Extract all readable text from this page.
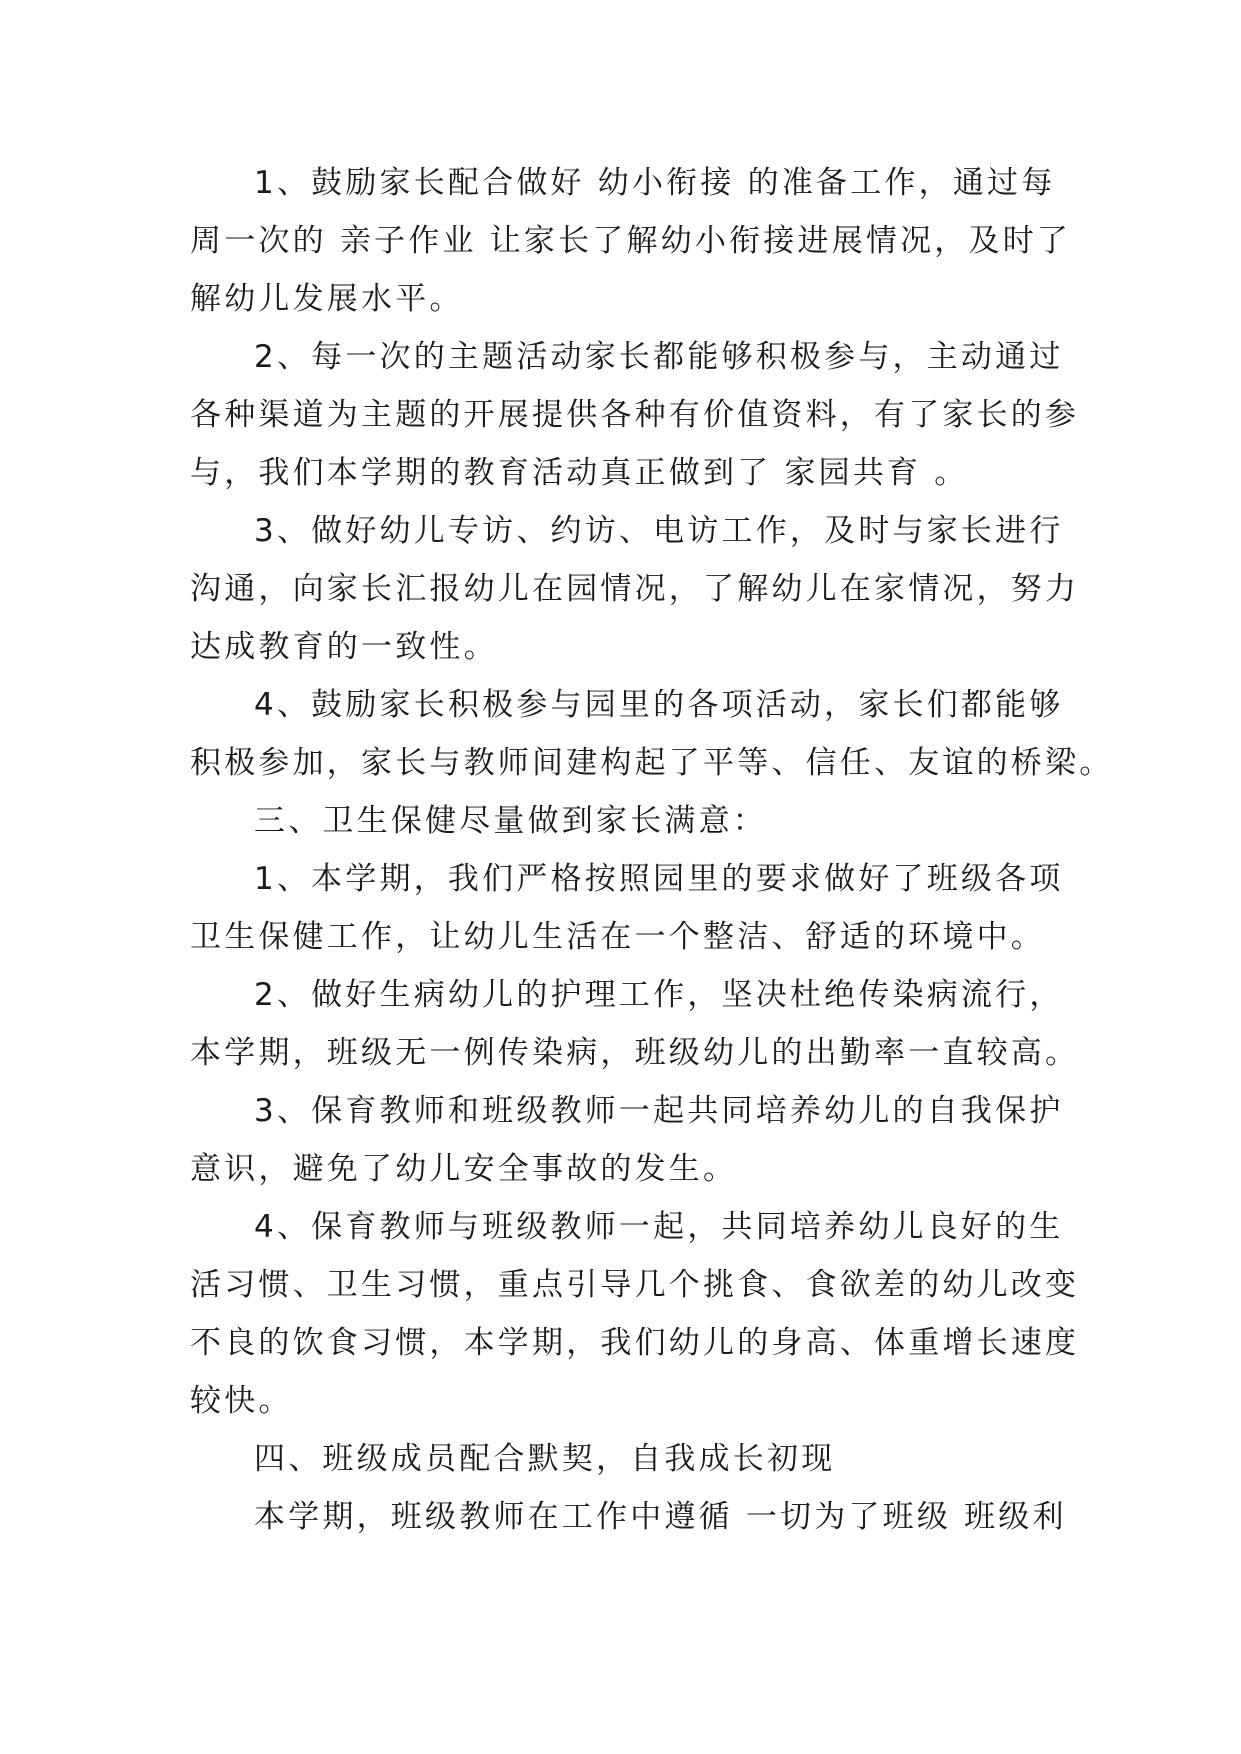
1、鼓励家长配合做好 幼小衔接 的准备工作，通过每
周一次的 亲子作业 让家长了解幼小衔接进展情况，及时了
解幼儿发展水平。
2、每一次的主题活动家长都能够积极参与，主动通过
各种渠道为主题的开展提供各种有价值资料，有了家长的参
与，我们本学期的教育活动真正做到了 家园共育 。
3、做好幼儿专访、约访、电访工作，及时与家长进行
沟通，向家长汇报幼儿在园情况，了解幼儿在家情况，努力
达成教育的一致性。
4、鼓励家长积极参与园里的各项活动，家长们都能够
积极参加，家长与教师间建构起了平等、信任、友谊的桥梁。
三、卫生保健尽量做到家长满意：
1、本学期，我们严格按照园里的要求做好了班级各项
卫生保健工作，让幼儿生活在一个整洁、舒适的环境中。
2、做好生病幼儿的护理工作，坚决杜绝传染病流行，
本学期，班级无一例传染病，班级幼儿的出勤率一直较高。
3、保育教师和班级教师一起共同培养幼儿的自我保护
意识，避免了幼儿安全事故的发生。
4、保育教师与班级教师一起，共同培养幼儿良好的生
活习惯、卫生习惯，重点引导几个挑食、食欲差的幼儿改变
不良的饮食习惯，本学期，我们幼儿的身高、体重增长速度
较快。
四、班级成员配合默契，自我成长初现
本学期，班级教师在工作中遵循 一切为了班级 班级利
